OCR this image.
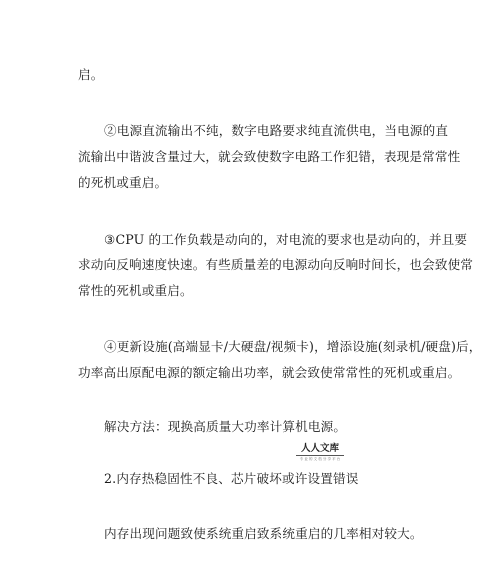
启。
②电源直流输出不纯，数字电路要求纯直流供电，当电源的直
流输出中谐波含量过大，就会致使数字电路工作犯错，表现是常常性
的死机或重启。
③CPU 的工作负载是动向的，对电流的要求也是动向的，并且要
求动向反响速度快速。有些质量差的电源动向反响时间长，也会致使常
常性的死机或重启。
④更新设施(高端显卡/大硬盘/视频卡)，增添设施(刻录机/硬盘)后，
功率高出原配电源的额定输出功率，就会致使常常性的死机或重启。
解决方法：现换高质量大功率计算机电源。
人人文库
专 业 的 文 档 分 享 平 台
2.内存热稳固性不良、芯片破坏或许设置错误
内存出现问题致使系统重启致系统重启的几率相对较大。
